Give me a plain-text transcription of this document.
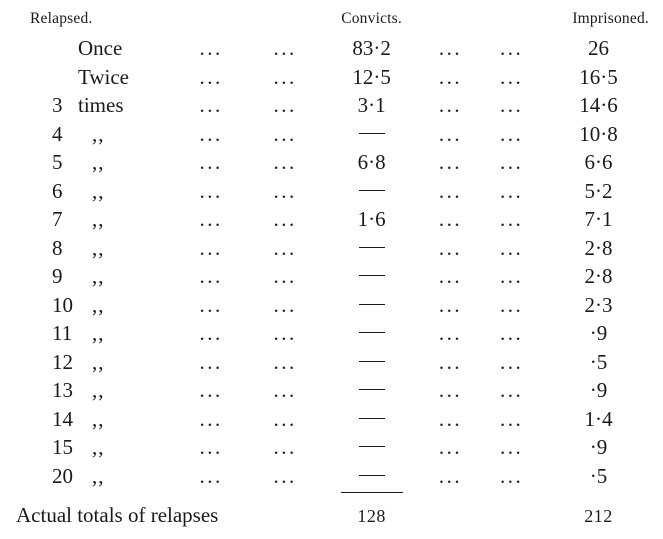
Relapsed.			Convicts.			Imprisoned.
Once	...	...	83·2	...	...	26
Twice	...	...	12·5	...	...	16·5
3 times	...	...	3·1	...	...	14·6
4 ,,	...	...		...	...	10·8
5 ,,	...	...	6·8	...	...	6·6
6 ,,	...	...		...	...	5·2
7 ,,	...	...	1·6	...	...	7·1
8 ,,	...	...		...	...	2·8
9 ,,	...	...		...	...	2·8
10 ,,	...	...		...	...	2·3
11 ,,	...	...		...	...	·9
12 ,,	...	...		...	...	·5
13 ,,	...	...		...	...	·9
14 ,,	...	...		...	...	1·4
15 ,,	...	...		...	...	·9
20 ,,	...	...		...	...	·5

Actual totals of relapses			128			212
